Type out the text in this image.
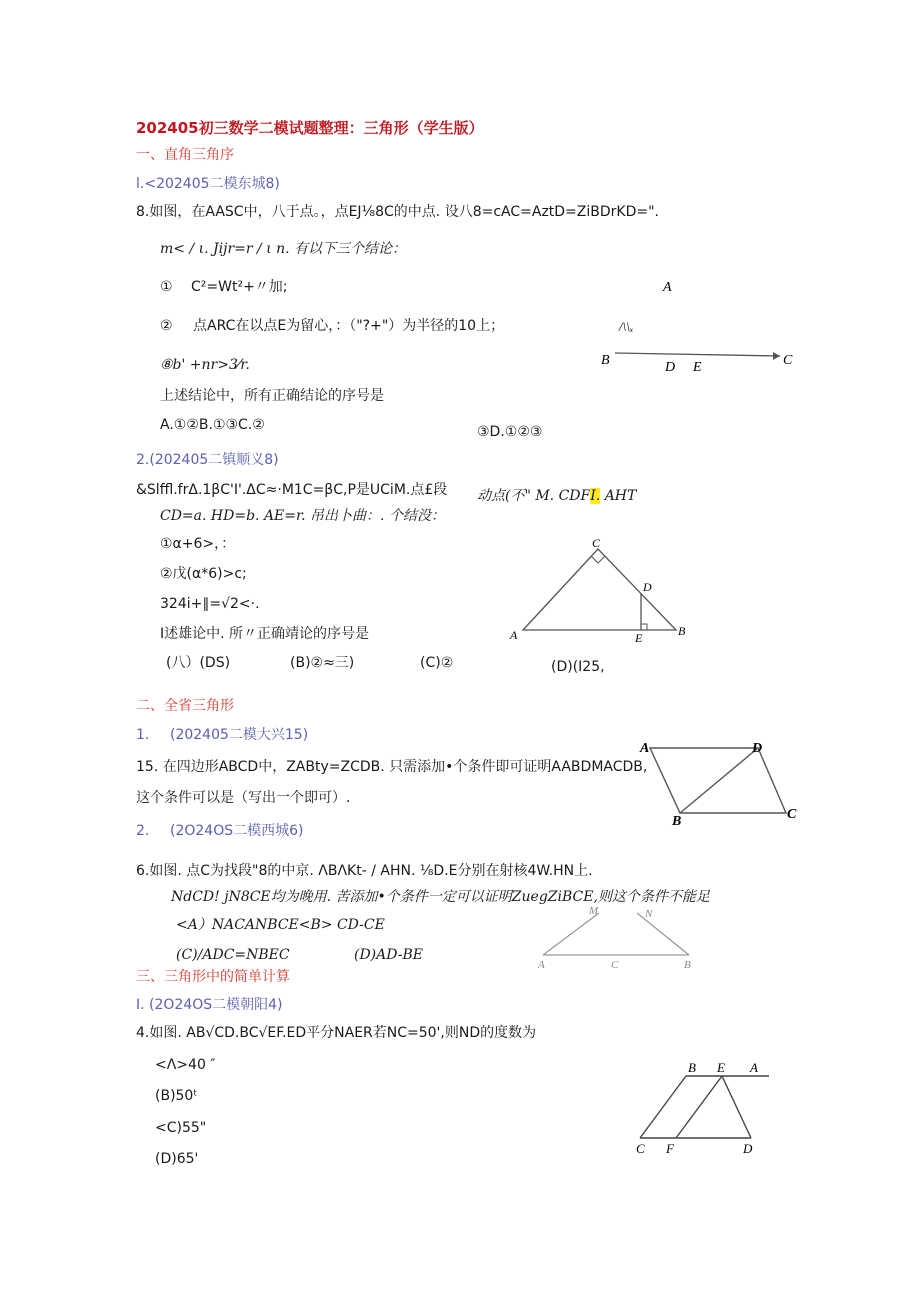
202405初三数学二模试题整理：三角形（学生版）
一、直角三角序
l.<202405二模东城8)
8.如图，在AASC中，八于点。，点EJ⅛8C的中点. 设八8=cAC=AztD=ZiBDrKD=".
m< / ι. Jijr=r / ι n. 有以下三个结论：
① C²=Wt²+〃加;
② 点ARC在以点E为留心，：（"?+"）为半径的10上；
⑧b' +nr>3⁄r.
上述结论中，所有正确结论的序号是
A.①②B.①③C.②	③D.①②③
A
/\\ₓ
B	C
D E
2.(202405二镇顺义8)
&Slffl.frΔ.1βC'I'.ΔC≈·M1C=βC,P是UCiM.点£段 动点(不" M. CDFI. AHT
CD=a. HD=b. AE=r. 吊出卜曲：. 个结没：
①α+6>，：
②戊(α*6)>c;
324i+∥=√2<·.
I述雄论中. 所〃正确靖论的序号是
(八）(DS)	(B)②≈三)	(C)②	(D)(I25,
C
D
A	E	B
二、全省三角形
1. (202405二模大兴15)
15. 在四边形ABCD中，ZABty=ZCDB. 只需添加•个条件即可证明AABDMACDB,
这个条件可以是（写出一个即可）.
A	D
B	C
2. (2O24OS二模西城6)
6.如图. 点C为找段"8的中京. ΛBΛKt- / AHN. ⅛D.E分别在射核4W.HN上.
NdCD! jN8CE均为晚用. 苦添加•个条件一定可以证明ZuegZiBCE,则这个条件不能足
<A）NACANBCE<B> CD-CE
(C)∕ADC=NBEC	(D)AD-BE
M	N
A	C	B
三、三角形中的简单计算
I. (2O24OS二模朝阳4)
4.如图. AB√CD.BC√EF.ED平分NAER若NC=50',则ND的度数为
<Λ>40 ″
(B)50ᵗ
<C)55"
(D)65'
B E A
C F	D
